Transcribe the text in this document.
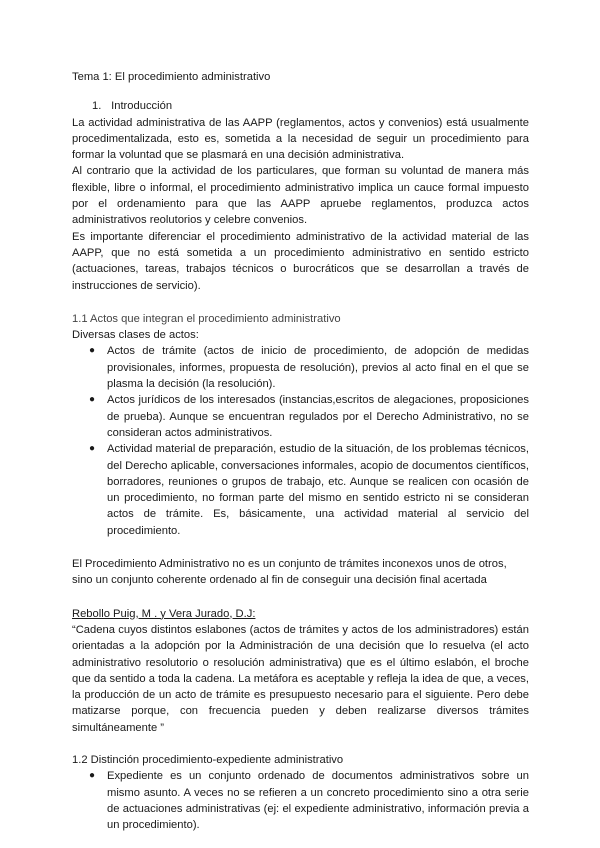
Tema 1: El procedimiento administrativo

1. Introducción

La actividad administrativa de las AAPP (reglamentos, actos y convenios) está usualmente procedimentalizada, esto es, sometida a la necesidad de seguir un procedimiento para formar la voluntad que se plasmará en una decisión administrativa.

Al contrario que la actividad de los particulares, que forman su voluntad de manera más flexible, libre o informal, el procedimiento administrativo implica un cauce formal impuesto por el ordenamiento para que las AAPP apruebe reglamentos, produzca actos administrativos reolutorios y celebre convenios.

Es importante diferenciar el procedimiento administrativo de la actividad material de las AAPP, que no está sometida a un procedimiento administrativo en sentido estricto (actuaciones, tareas, trabajos técnicos o burocráticos que se desarrollan a través de instrucciones de servicio).

1.1 Actos que integran el procedimiento administrativo

Diversas clases de actos:

● Actos de trámite (actos de inicio de procedimiento, de adopción de medidas provisionales, informes, propuesta de resolución), previos al acto final en el que se plasma la decisión (la resolución).
● Actos jurídicos de los interesados (instancias,escritos de alegaciones, proposiciones de prueba). Aunque se encuentran regulados por el Derecho Administrativo, no se consideran actos administrativos.
● Actividad material de preparación, estudio de la situación, de los problemas técnicos, del Derecho aplicable, conversaciones informales, acopio de documentos científicos, borradores, reuniones o grupos de trabajo, etc. Aunque se realicen con ocasión de un procedimiento, no forman parte del mismo en sentido estricto ni se consideran actos de trámite. Es, básicamente, una actividad material al servicio del procedimiento.

El Procedimiento Administrativo no es un conjunto de trámites inconexos unos de otros, sino un conjunto coherente ordenado al fin de conseguir una decisión final acertada

Rebollo Puig, M . y Vera Jurado, D.J:

“Cadena cuyos distintos eslabones (actos de trámites y actos de los administradores) están orientadas a la adopción por la Administración de una decisión que lo resuelva (el acto administrativo resolutorio o resolución administrativa) que es el último eslabón, el broche que da sentido a toda la cadena. La metáfora es aceptable y refleja la idea de que, a veces, la producción de un acto de trámite es presupuesto necesario para el siguiente. Pero debe matizarse porque, con frecuencia pueden y deben realizarse diversos trámites simultáneamente ”

1.2 Distinción procedimiento-expediente administrativo

● Expediente es un conjunto ordenado de documentos administrativos sobre un mismo asunto. A veces no se refieren a un concreto procedimiento sino a otra serie de actuaciones administrativas (ej: el expediente administrativo, información previa a un procedimiento).
